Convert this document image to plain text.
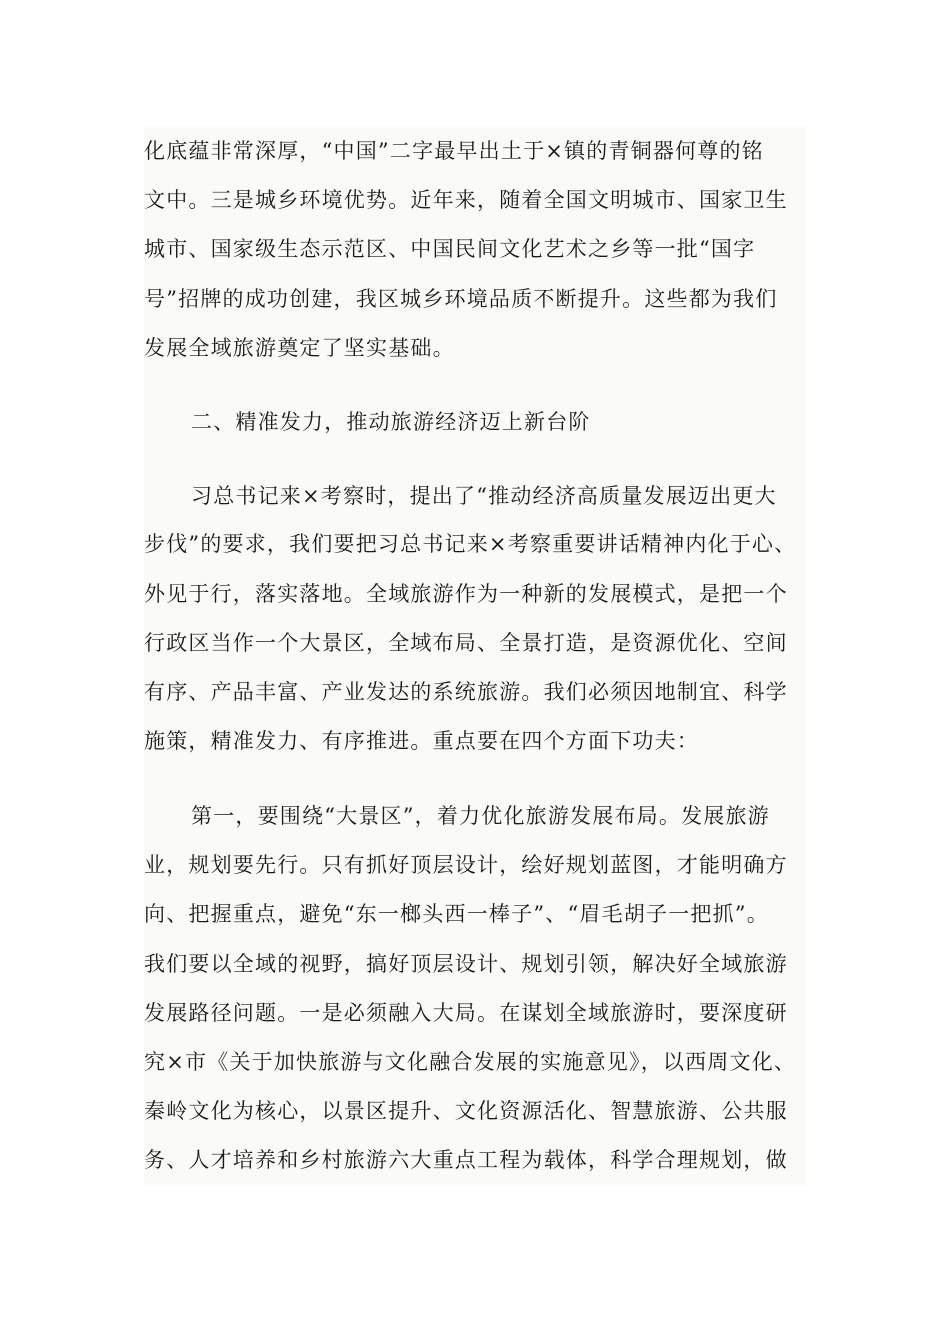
化底蕴非常深厚，“中国”二字最早出土于×镇的青铜器何尊的铭
文中。三是城乡环境优势。近年来，随着全国文明城市、国家卫生
城市、国家级生态示范区、中国民间文化艺术之乡等一批“国字
号”招牌的成功创建，我区城乡环境品质不断提升。这些都为我们
发展全域旅游奠定了坚实基础。
二、精准发力，推动旅游经济迈上新台阶
习总书记来×考察时，提出了“推动经济高质量发展迈出更大
步伐”的要求，我们要把习总书记来×考察重要讲话精神内化于心、
外见于行，落实落地。全域旅游作为一种新的发展模式，是把一个
行政区当作一个大景区，全域布局、全景打造，是资源优化、空间
有序、产品丰富、产业发达的系统旅游。我们必须因地制宜、科学
施策，精准发力、有序推进。重点要在四个方面下功夫：
第一，要围绕“大景区”，着力优化旅游发展布局。发展旅游
业，规划要先行。只有抓好顶层设计，绘好规划蓝图，才能明确方
向、把握重点，避免“东一榔头西一棒子”、“眉毛胡子一把抓”。
我们要以全域的视野，搞好顶层设计、规划引领，解决好全域旅游
发展路径问题。一是必须融入大局。在谋划全域旅游时，要深度研
究×市《关于加快旅游与文化融合发展的实施意见》，以西周文化、
秦岭文化为核心，以景区提升、文化资源活化、智慧旅游、公共服
务、人才培养和乡村旅游六大重点工程为载体，科学合理规划，做
